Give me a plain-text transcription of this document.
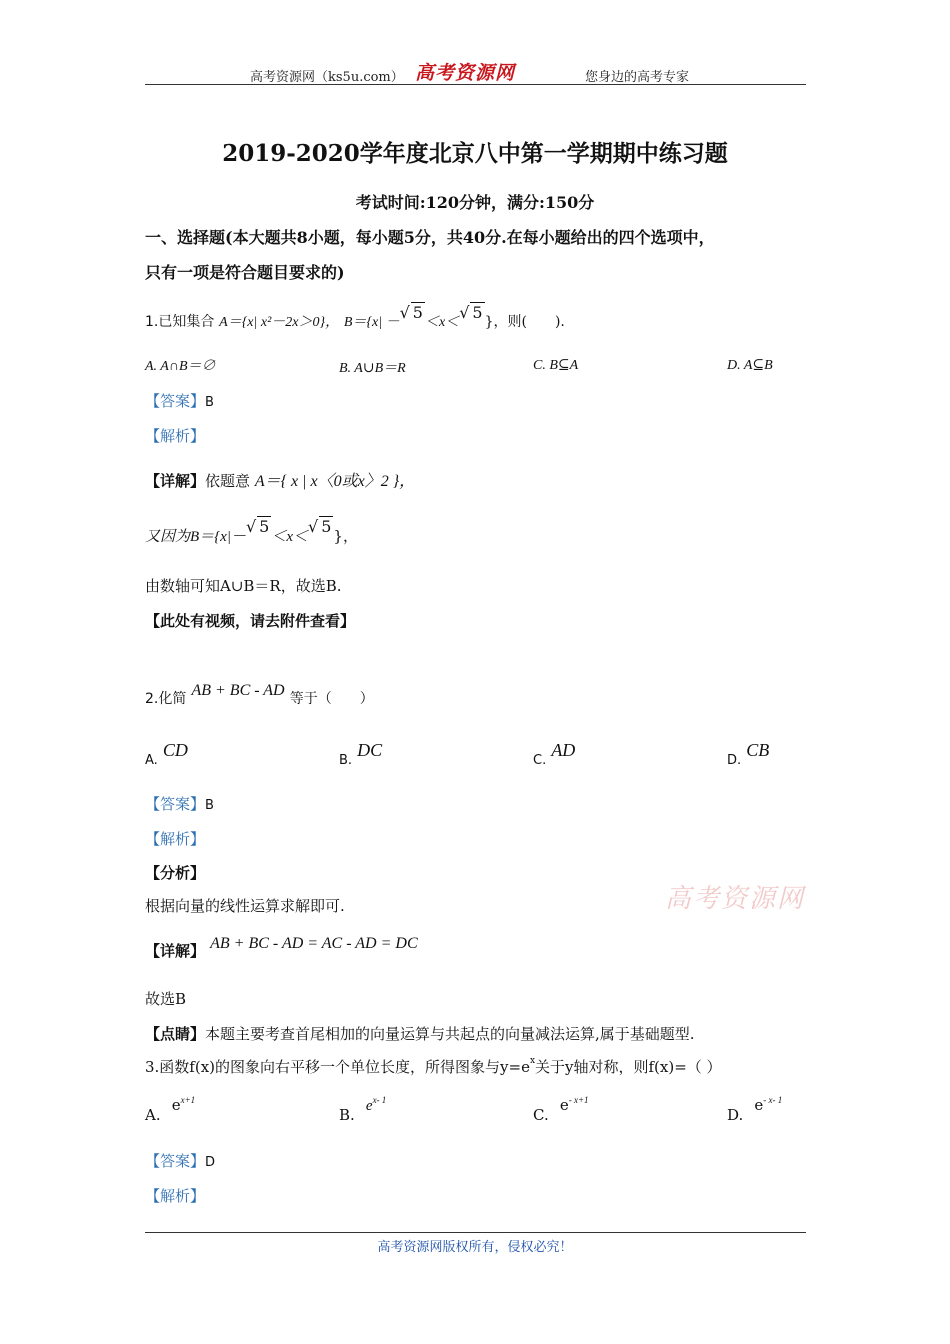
高考资源网（ks5u.com） 高考资源网	您身边的高考专家
2019-2020学年度北京八中第一学期期中练习题
考试时间:120分钟，满分:150分
一、选择题(本大题共8小题，每小题5分，共40分.在每小题给出的四个选项中，
只有一项是符合题目要求的)
1.已知集合 A＝{x| x²－2x＞0}， B＝{x| －√ 5＜x＜√ 5 }，则(　　).
A. A∩B＝∅	B. A∪B＝R	C. B⊆A	D. A⊆B
【答案】B
【解析】
【详解】依题意 A＝{ x | x〈0或x〉2 }，
又因为B＝{x|－√ 5＜x＜√ 5 }，
由数轴可知A∪B＝R，故选B.
【此处有视频，请去附件查看】
2.化简 AB + BC - AD 等于（　　）
$_{A.}$ CD
$_{B.}$ DC
$_{C.}$ AD
$_{D.}$ CB
【答案】B
【解析】
【分析】
根据向量的线性运算求解即可.	高考资源网
【详解】 AB + BC - AD = AC - AD = DC
故选B
【点睛】本题主要考查首尾相加的向量运算与共起点的向量减法运算,属于基础题型.
3.函数f(x)的图象向右平移一个单位长度，所得图象与$y=e^x$关于y轴对称，则f(x)=（ ）
A. $e^{x+1}$
B. $e^{x- 1}$
C. $e^{- x+1}$
D. $e^{- x- 1}$
【答案】D
【解析】
高考资源网版权所有，侵权必究！
